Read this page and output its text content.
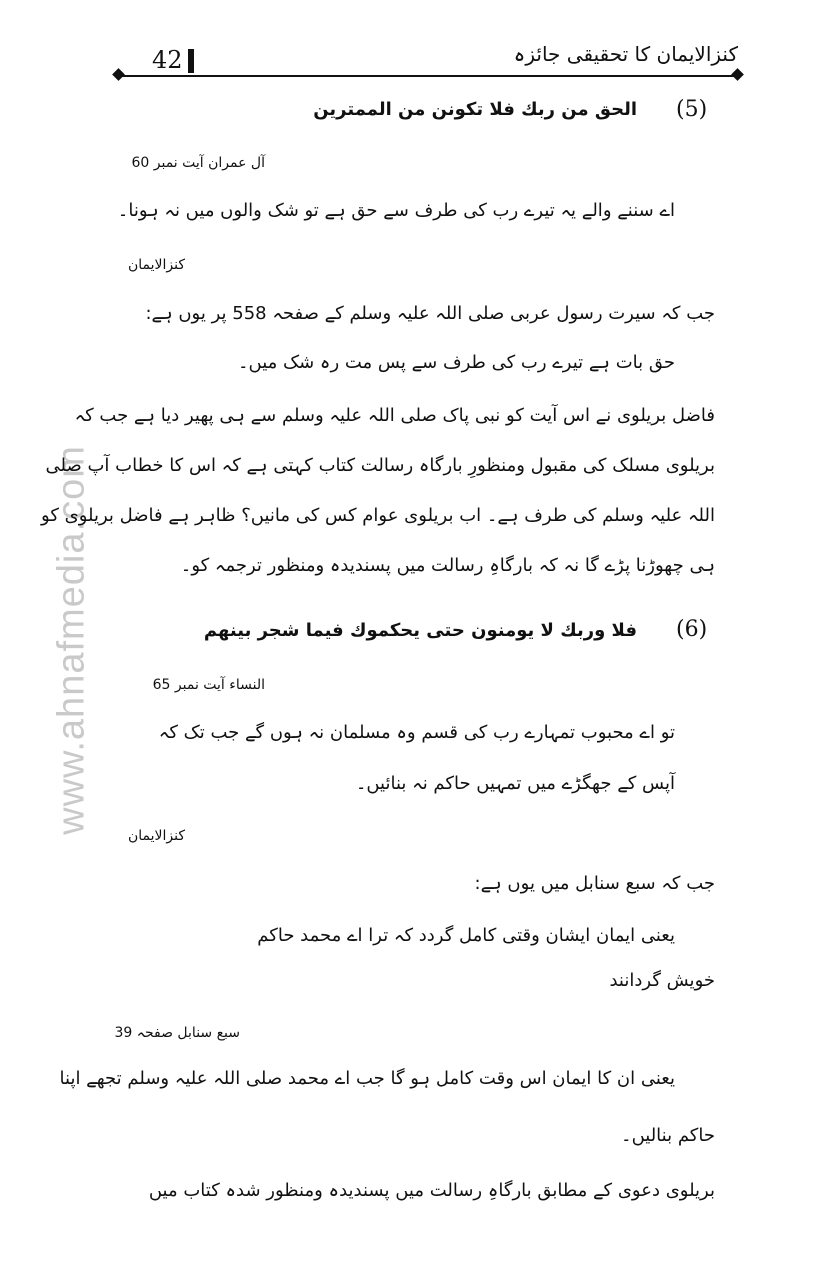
42	کنزالایمان کا تحقیقی جائزہ
www.ahnafmedia.com
(5)
الحق من ربك فلا تكونن من الممترين
آل عمران آیت نمبر 60
اے سننے والے یہ تیرے رب کی طرف سے حق ہے تو شک والوں میں نہ ہونا۔
کنزالایمان
جب کہ سیرت رسول عربی صلی اللہ علیہ وسلم کے صفحہ 558 پر یوں ہے:
حق بات ہے تیرے رب کی طرف سے پس مت رہ شک میں۔
فاضل بریلوی نے اس آیت کو نبی پاک صلی اللہ علیہ وسلم سے ہی پھیر دیا ہے جب کہ
بریلوی مسلک کی مقبول ومنظورِ بارگاہ رسالت کتاب کہتی ہے کہ اس کا خطاب آپ صلی
اللہ علیہ وسلم کی طرف ہے۔ اب بریلوی عوام کس کی مانیں؟ ظاہر ہے فاضل بریلوی کو
ہی چھوڑنا پڑے گا نہ کہ بارگاہِ رسالت میں پسندیدہ ومنظور ترجمہ کو۔
(6)
فلا وربك لا يومنون حتى يحكموك فيما شجر بينهم
النساء آیت نمبر 65
تو اے محبوب تمہارے رب کی قسم وہ مسلمان نہ ہوں گے جب تک کہ
آپس کے جھگڑے میں تمہیں حاکم نہ بنائیں۔
کنزالایمان
جب کہ سبع سنابل میں یوں ہے:
یعنی ایمان ایشان وقتی کامل گردد کہ ترا اے محمد حاکم
خویش گردانند
سبع سنابل صفحہ 39
یعنی ان کا ایمان اس وقت کامل ہو گا جب اے محمد صلی اللہ علیہ وسلم تجھے اپنا
حاکم بنالیں۔
بریلوی دعوی کے مطابق بارگاہِ رسالت میں پسندیدہ ومنظور شدہ کتاب میں
